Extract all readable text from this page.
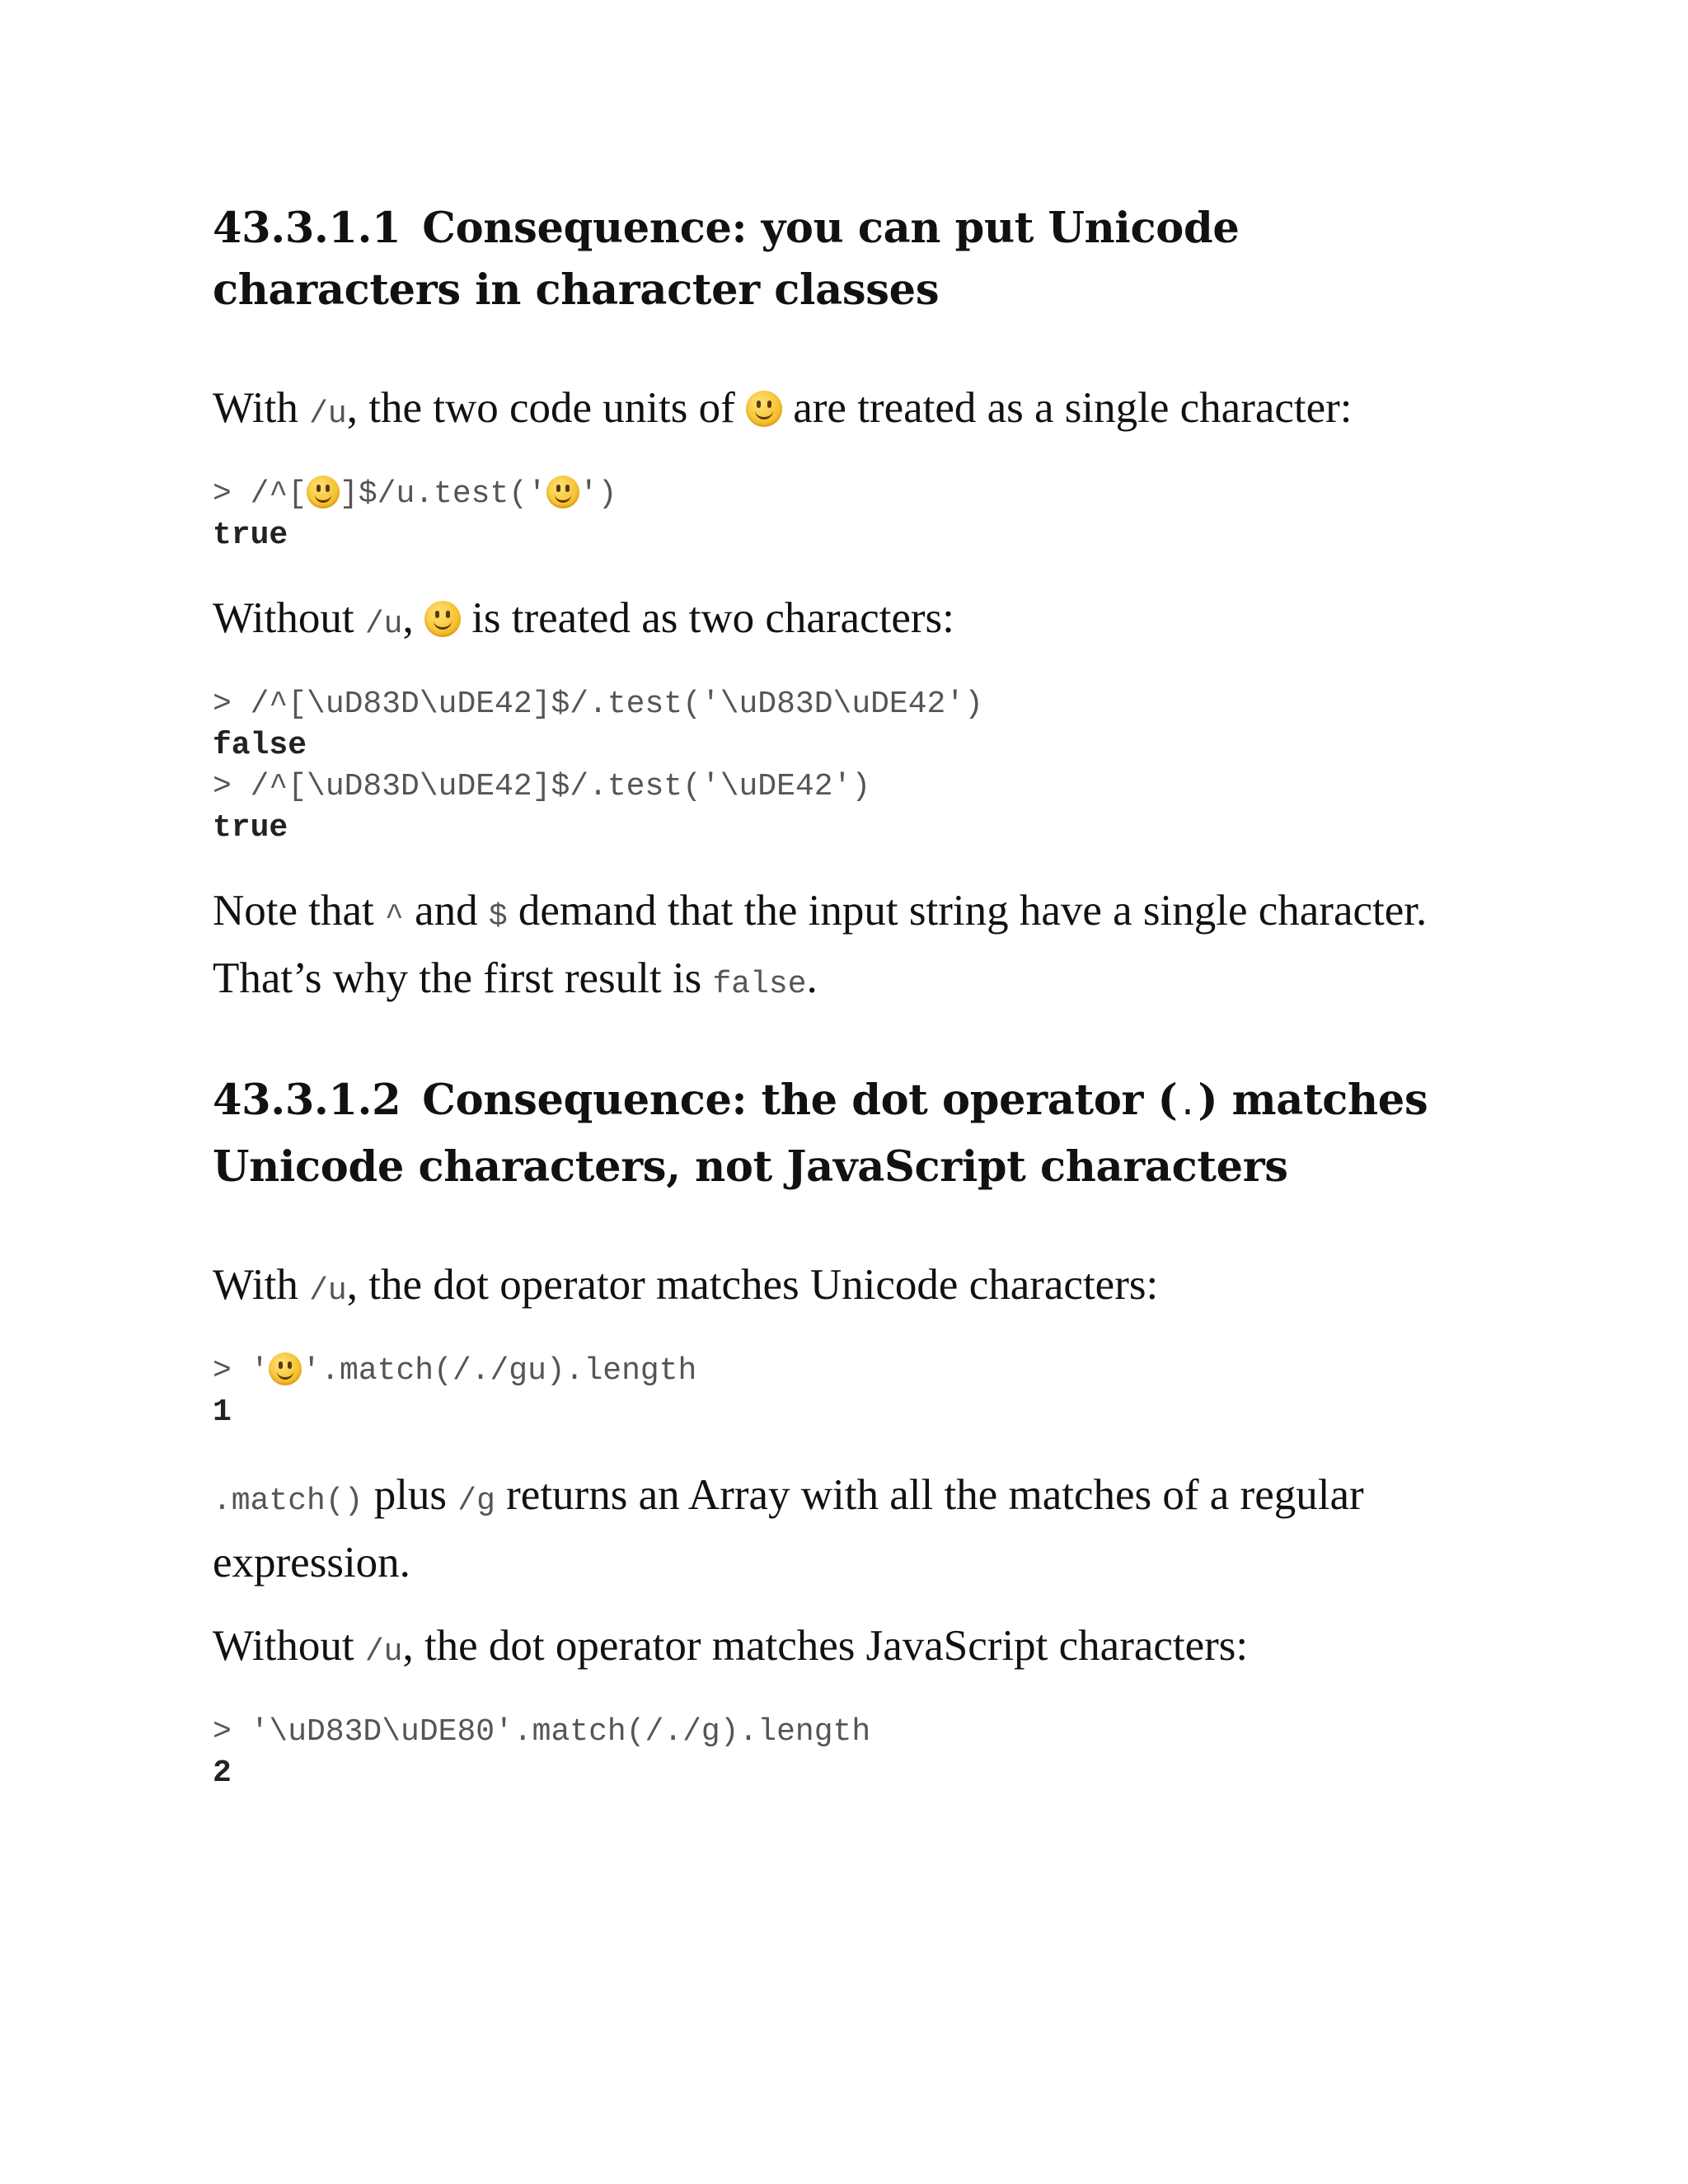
43.3.1.1 Consequence: you can put Unicode characters in character classes

With /u, the two code units of
are treated as a single character:

> /^[ ]$/u.test(' ')
true

Without /u,
is treated as two characters:

> /^[\uD83D\uDE42]$/.test('\uD83D\uDE42')
false
> /^[\uD83D\uDE42]$/.test('\uDE42')
true

Note that ^ and $ demand that the input string have a single character. That’s why the first result is false.

43.3.1.2 Consequence: the dot operator (.) matches Unicode characters, not JavaScript characters

With /u, the dot operator matches Unicode characters:

> ' '.match(/./gu).length
1

.match() plus /g returns an Array with all the matches of a regular expression.

Without /u, the dot operator matches JavaScript characters:

> '\uD83D\uDE80'.match(/./g).length
2
